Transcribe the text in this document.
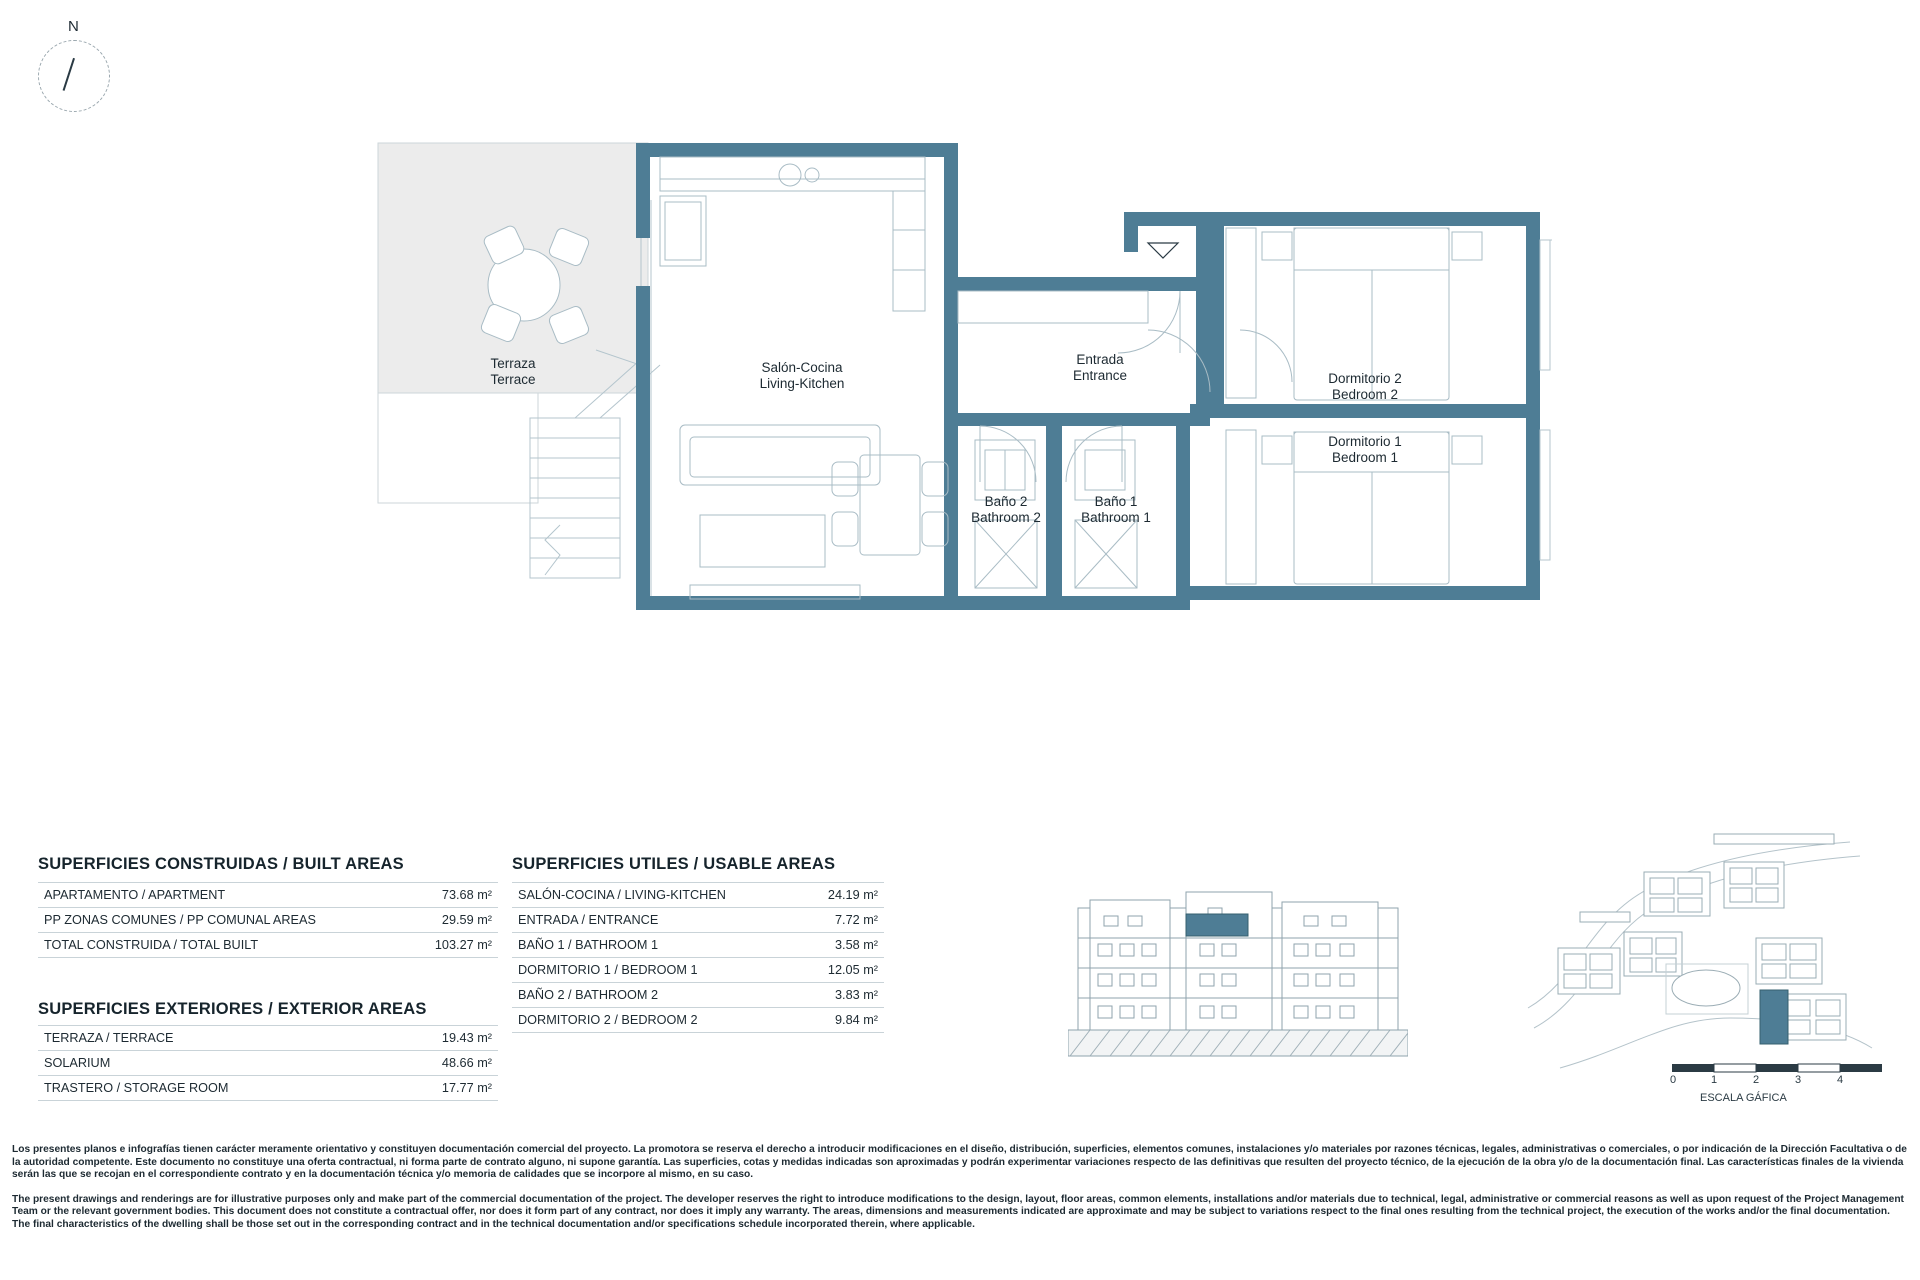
N
Terraza
Terrace
Salón-Cocina
Living-Kitchen
Entrada
Entrance	Dormitorio 2
Bedroom 2
Dormitorio 1
Bedroom 1
Baño 2
Bathroom 2
Baño 1
Bathroom 1
SUPERFICIES CONSTRUIDAS / BUILT AREAS
APARTAMENTO / APARTMENT	73.68 m²
PP ZONAS COMUNES / PP COMUNAL AREAS	29.59 m²
TOTAL CONSTRUIDA / TOTAL BUILT	103.27 m²
SUPERFICIES EXTERIORES / EXTERIOR AREAS
TERRAZA / TERRACE	19.43 m²
SOLARIUM	48.66 m²
TRASTERO / STORAGE ROOM	17.77 m²
SUPERFICIES UTILES / USABLE AREAS
SALÓN-COCINA / LIVING-KITCHEN	24.19 m²
ENTRADA / ENTRANCE	7.72 m²
BAÑO 1 / BATHROOM 1	3.58 m²
DORMITORIO 1 / BEDROOM 1	12.05 m²
BAÑO 2 / BATHROOM 2	3.83 m²
DORMITORIO 2 / BEDROOM 2	9.84 m²
0	1	2	3	4
ESCALA GÁFICA

Los presentes planos e infografías tienen carácter meramente orientativo y constituyen documentación comercial del proyecto. La promotora se reserva el derecho a introducir modificaciones en el diseño, distribución, superficies, elementos comunes, instalaciones y/o materiales por razones técnicas, legales, administrativas o comerciales, o por indicación de la Dirección Facultativa o de la autoridad competente. Este documento no constituye una oferta contractual, ni forma parte de contrato alguno, ni supone garantía. Las superficies, cotas y medidas indicadas son aproximadas y podrán experimentar variaciones respecto de las definitivas que resulten del proyecto técnico, de la ejecución de la obra y/o de la documentación final. Las características finales de la vivienda serán las que se recojan en el correspondiente contrato y en la documentación técnica y/o memoria de calidades que se incorpore al mismo, en su caso.

The present drawings and renderings are for illustrative purposes only and make part of the commercial documentation of the project. The developer reserves the right to introduce modifications to the design, layout, floor areas, common elements, installations and/or materials due to technical, legal, administrative or commercial reasons as well as upon request of the Project Management Team or the relevant government bodies. This document does not constitute a contractual offer, nor does it form part of any contract, nor does it imply any warranty. The areas, dimensions and measurements indicated are approximate and may be subject to variations respect to the final ones resulting from the technical project, the execution of the works and/or the final documentation. The final characteristics of the dwelling shall be those set out in the corresponding contract and in the technical documentation and/or specifications schedule incorporated therein, where applicable.
